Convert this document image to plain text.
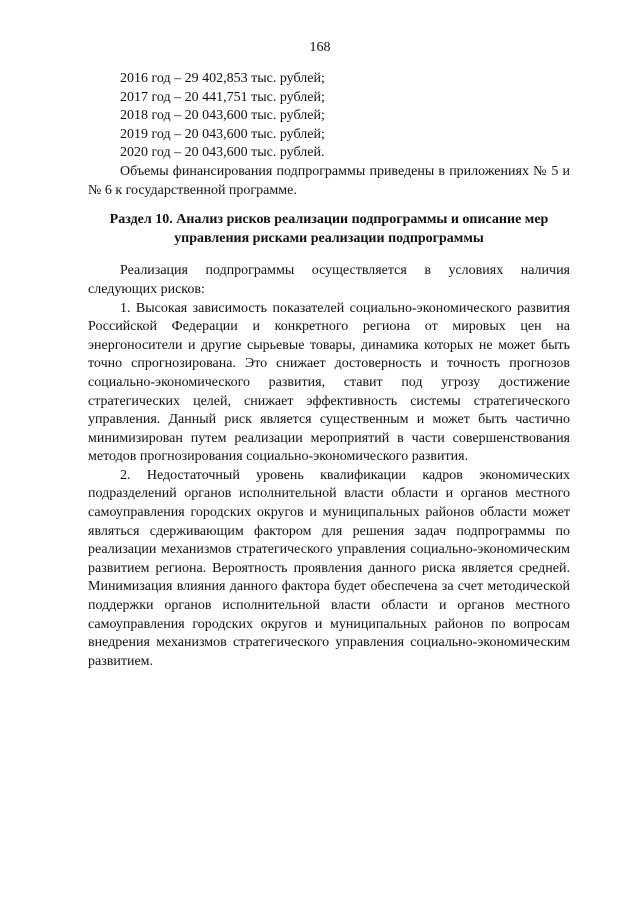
168
2016 год – 29 402,853 тыс. рублей;
2017 год – 20 441,751 тыс. рублей;
2018 год – 20 043,600 тыс. рублей;
2019 год – 20 043,600 тыс. рублей;
2020 год – 20 043,600 тыс. рублей.

Объемы финансирования подпрограммы приведены в приложениях № 5 и № 6 к государственной программе.

Раздел 10. Анализ рисков реализации подпрограммы и описание мер управления рисками реализации подпрограммы

Реализация подпрограммы осуществляется в условиях наличия следующих рисков:

1. Высокая зависимость показателей социально-экономического развития Российской Федерации и конкретного региона от мировых цен на энергоносители и другие сырьевые товары, динамика которых не может быть точно спрогнозирована. Это снижает достоверность и точность прогнозов социально-экономического развития, ставит под угрозу достижение стратегических целей, снижает эффективность системы стратегического управления. Данный риск является существенным и может быть частично минимизирован путем реализации мероприятий в части совершенствования методов прогнозирования социально-экономического развития.

2. Недостаточный уровень квалификации кадров экономических подразделений органов исполнительной власти области и органов местного самоуправления городских округов и муниципальных районов области может являться сдерживающим фактором для решения задач подпрограммы по реализации механизмов стратегического управления социально-экономическим развитием региона. Вероятность проявления данного риска является средней. Минимизация влияния данного фактора будет обеспечена за счет методической поддержки органов исполнительной власти области и органов местного самоуправления городских округов и муниципальных районов по вопросам внедрения механизмов стратегического управления социально-экономическим развитием.
